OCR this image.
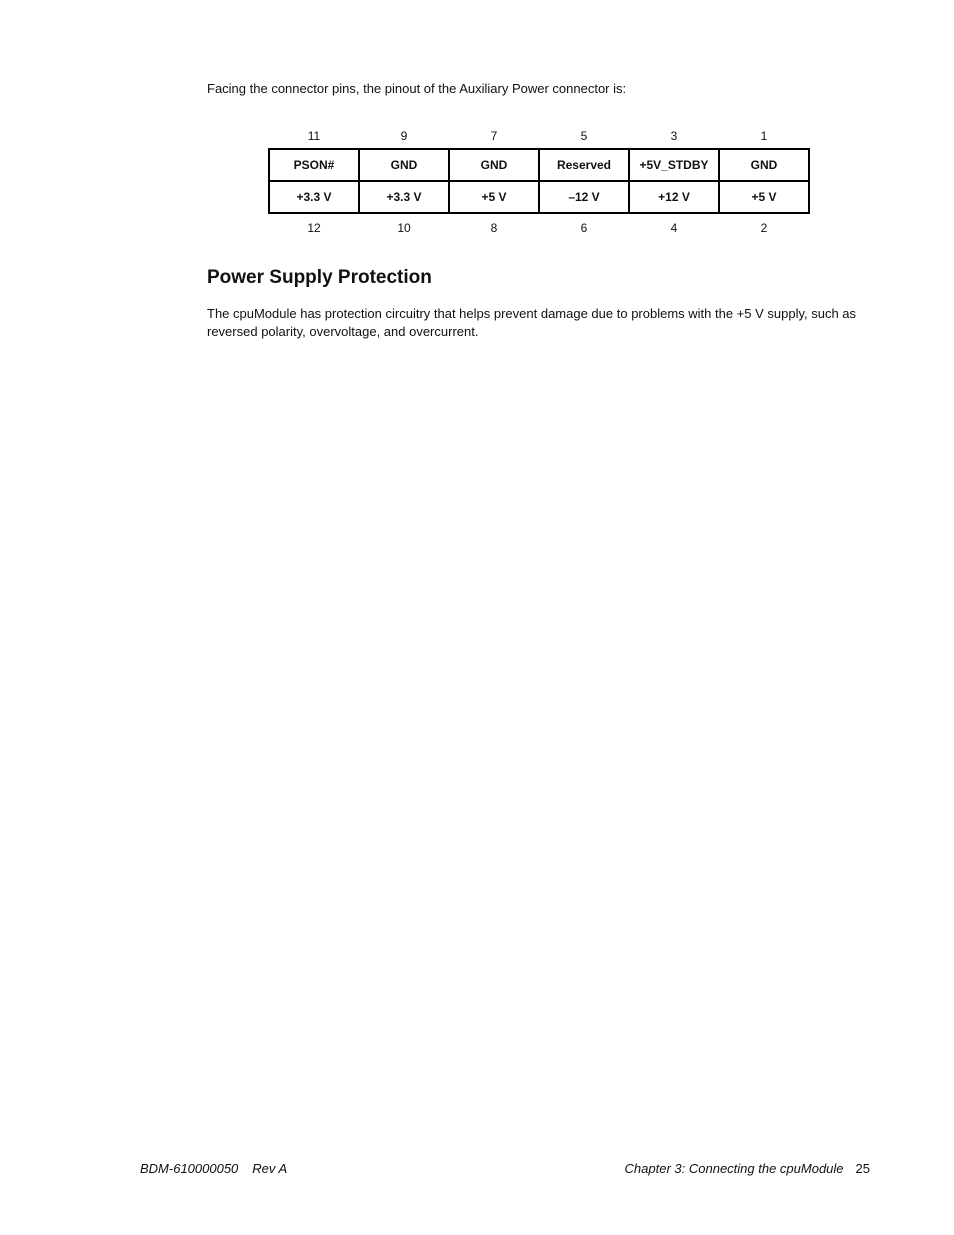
Facing the connector pins, the pinout of the Auxiliary Power connector is:
11	9	7	5	3	1
PSON#	GND	GND	Reserved	+5V_STDBY	GND
+3.3 V	+3.3 V	+5 V	–12 V	+12 V	+5 V
12	10	8	6	4	2
Power Supply Protection

The cpuModule has protection circuitry that helps prevent damage due to problems with the +5 V supply, such as reversed polarity, overvoltage, and overcurrent.

BDM-610000050 Rev A	Chapter 3: Connecting the cpuModule 25
